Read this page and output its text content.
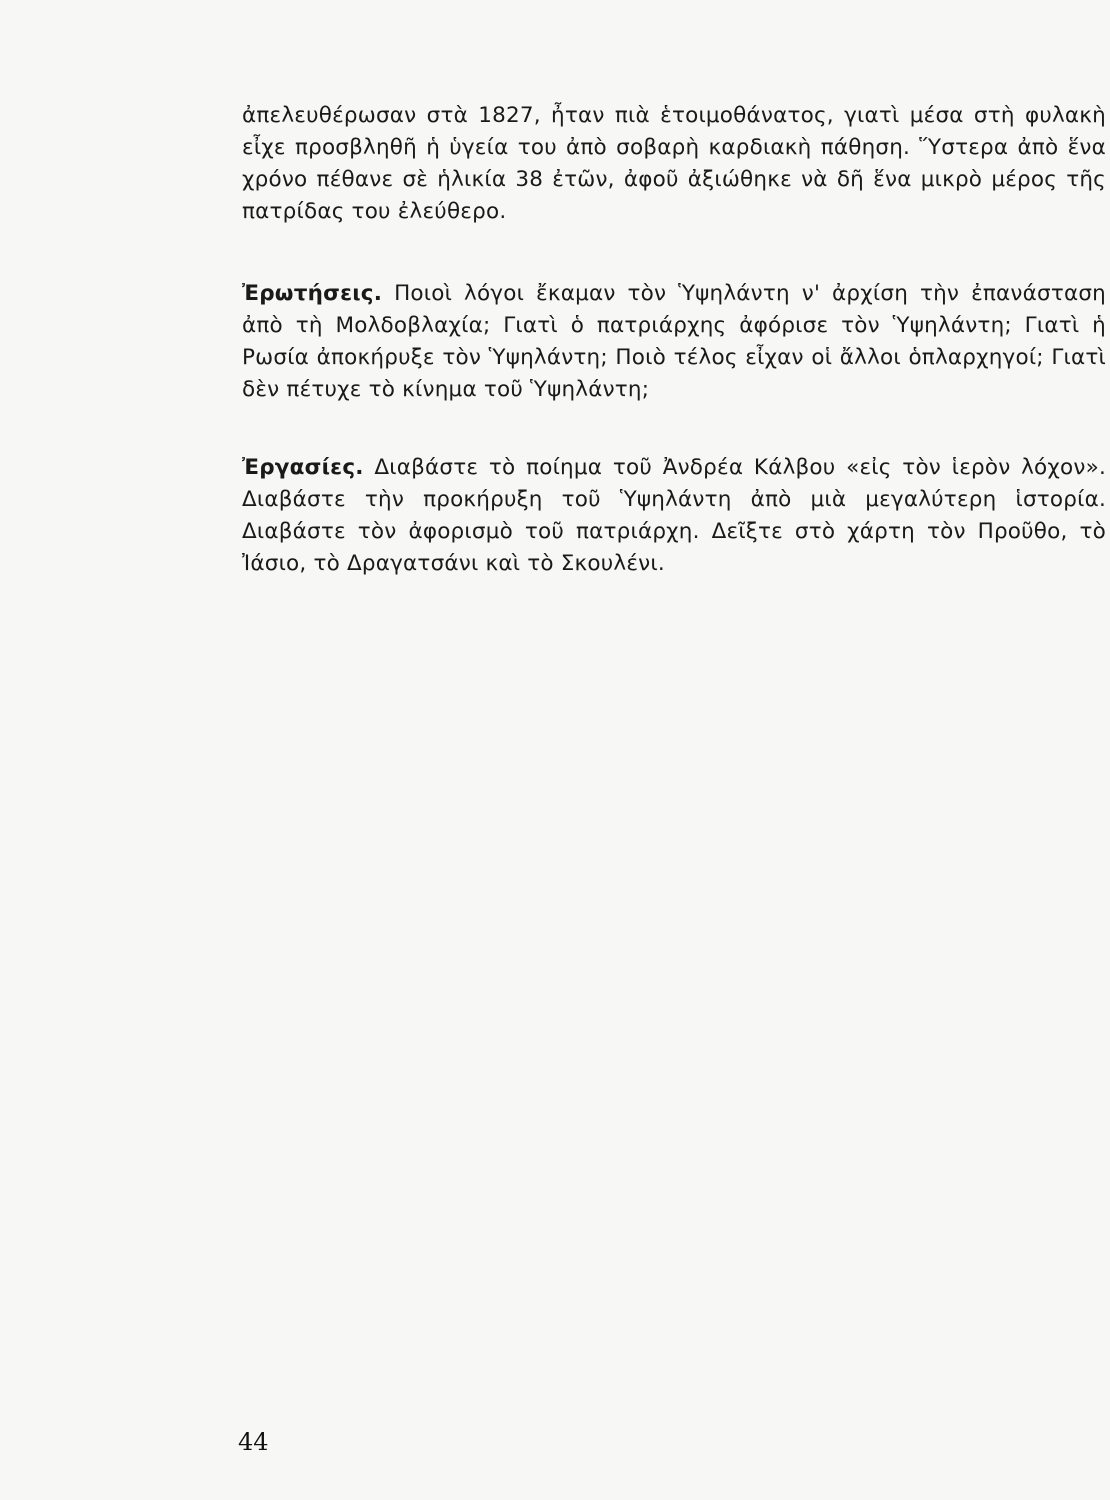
ἀπελευθέρωσαν στὰ 1827, ἦταν πιὰ ἑτοιμοθάνατος, γιατὶ μέσα στὴ φυλακὴ εἶχε προσβληθῆ ἡ ὑγεία του ἀπὸ σοβαρὴ καρδιακὴ πάθηση. Ὕστερα ἀπὸ ἕνα χρόνο πέθανε σὲ ἡλικία 38 ἐτῶν, ἀφοῦ ἀξιώθηκε νὰ δῆ ἕνα μικρὸ μέρος τῆς πατρίδας του ἐλεύθερο.

Ἐρωτήσεις. Ποιοὶ λόγοι ἔκαμαν τὸν Ὑψηλάντη ν' ἀρχίση τὴν ἐπανάσταση ἀπὸ τὴ Μολδοβλαχία; Γιατὶ ὁ πατριάρχης ἀφόρισε τὸν Ὑψηλάντη; Γιατὶ ἡ Ρωσία ἀποκήρυξε τὸν Ὑψηλάντη; Ποιὸ τέλος εἶχαν οἱ ἄλλοι ὁπλαρχηγοί; Γιατὶ δὲν πέτυχε τὸ κίνημα τοῦ Ὑψηλάντη;

Ἐργασίες. Διαβάστε τὸ ποίημα τοῦ Ἀνδρέα Κάλβου «εἰς τὸν ἱερὸν λόχον». Διαβάστε τὴν προκήρυξη τοῦ Ὑψηλάντη ἀπὸ μιὰ μεγαλύτερη ἱστορία. Διαβάστε τὸν ἀφορισμὸ τοῦ πατριάρχη. Δεῖξτε στὸ χάρτη τὸν Προῦθο, τὸ Ἰάσιο, τὸ Δραγατσάνι καὶ τὸ Σκουλένι.

44
